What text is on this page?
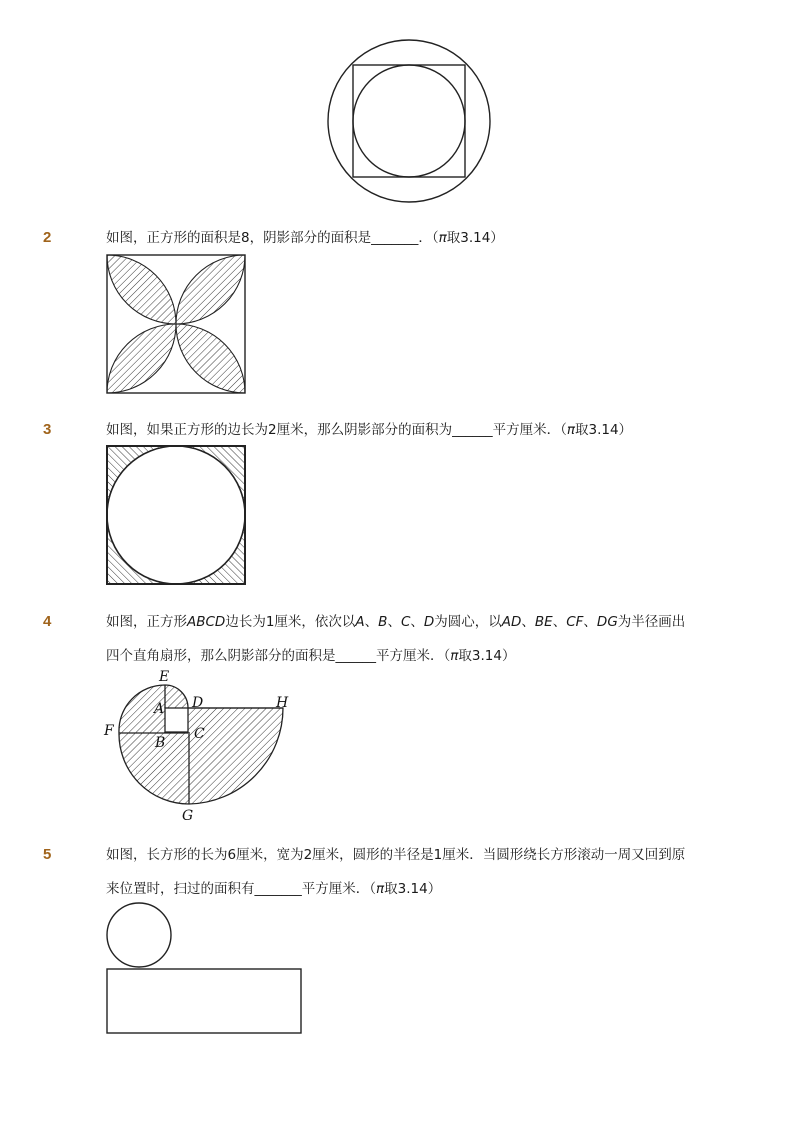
2	如图，正方形的面积是8，阴影部分的面积是_______．（π取3.14）
3	如图，如果正方形的边长为2厘米，那么阴影部分的面积为______平方厘米．（π取3.14）
4	如图，正方形ABCD边长为1厘米，依次以A、B、C、D为圆心，以AD、BE、CF、DG为半径画出
四个直角扇形，那么阴影部分的面积是______平方厘米．（π取3.14）
E
A D	H
F
B
C
G
5	如图，长方形的长为6厘米，宽为2厘米，圆形的半径是1厘米．当圆形绕长方形滚动一周又回到原
来位置时，扫过的面积有_______平方厘米．（π取3.14）
